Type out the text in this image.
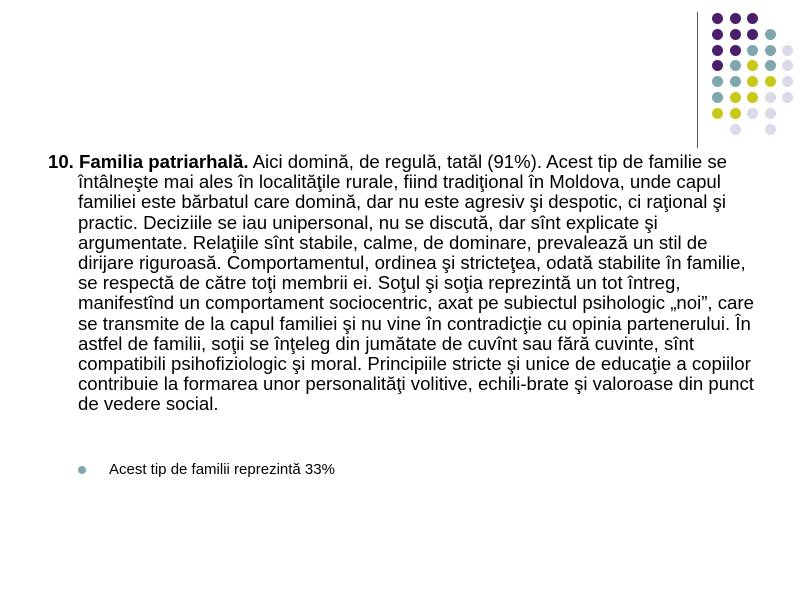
10. Familia patriarhală. Aici domină, de regulă, tatăl (91%). Acest tip de familie se întâlneşte mai ales în localităţile rurale, fiind tradiţional în Moldova, unde capul familiei este bărbatul care domină, dar nu este agresiv şi despotic, ci raţional şi practic. Deciziile se iau unipersonal, nu se discută, dar sînt explicate şi argumentate. Relaţiile sînt stabile, calme, de dominare, prevalează un stil de dirijare riguroasă. Comportamentul, ordinea şi stricteţea, odată stabilite în familie, se respectă de către toţi membrii ei. Soţul şi soţia reprezintă un tot întreg, manifestînd un comportament sociocentric, axat pe subiectul psihologic „noi”, care se transmite de la capul familiei şi nu vine în contradicţie cu opinia partenerului. În astfel de familii, soţii se înţeleg din jumătate de cuvînt sau fără cuvinte, sînt compatibili psihofiziologic şi moral. Principiile stricte şi unice de educaţie a copiilor contribuie la formarea unor personalităţi volitive, echili-brate şi valoroase din punct de vedere social.

Acest tip de familii reprezintă 33%
